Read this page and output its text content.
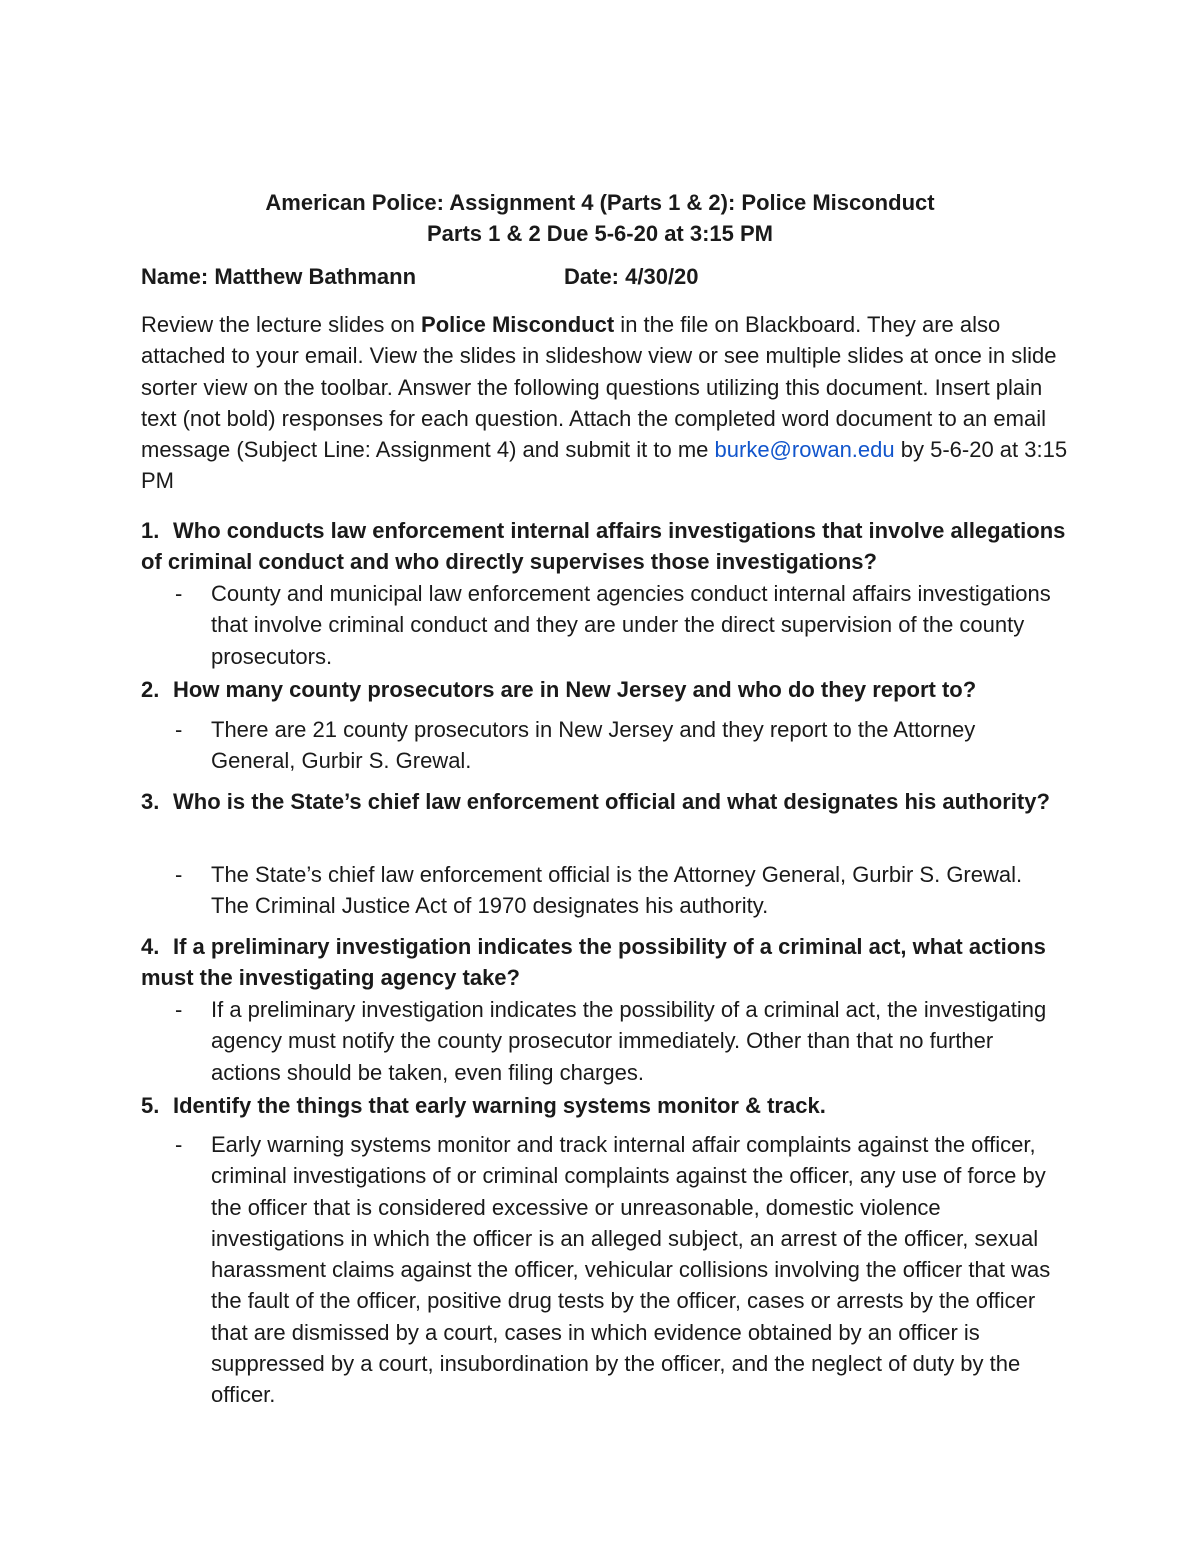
American Police: Assignment 4 (Parts 1 & 2): Police Misconduct
Parts 1 & 2 Due 5-6-20 at 3:15 PM
Name: Matthew Bathmann	Date: 4/30/20
Review the lecture slides on Police Misconduct in the file on Blackboard. They are also attached to your email. View the slides in slideshow view or see multiple slides at once in slide sorter view on the toolbar. Answer the following questions utilizing this document. Insert plain text (not bold) responses for each question. Attach the completed word document to an email message (Subject Line: Assignment 4) and submit it to me burke@rowan.edu by 5-6-20 at 3:15 PM
1. Who conducts law enforcement internal affairs investigations that involve allegations of criminal conduct and who directly supervises those investigations?
- County and municipal law enforcement agencies conduct internal affairs investigations that involve criminal conduct and they are under the direct supervision of the county prosecutors.
2. How many county prosecutors are in New Jersey and who do they report to?
- There are 21 county prosecutors in New Jersey and they report to the Attorney General, Gurbir S. Grewal.
3. Who is the State’s chief law enforcement official and what designates his authority?
- The State’s chief law enforcement official is the Attorney General, Gurbir S. Grewal. The Criminal Justice Act of 1970 designates his authority.
4. If a preliminary investigation indicates the possibility of a criminal act, what actions must the investigating agency take?
- If a preliminary investigation indicates the possibility of a criminal act, the investigating agency must notify the county prosecutor immediately. Other than that no further actions should be taken, even filing charges.
5. Identify the things that early warning systems monitor & track.
- Early warning systems monitor and track internal affair complaints against the officer, criminal investigations of or criminal complaints against the officer, any use of force by the officer that is considered excessive or unreasonable, domestic violence investigations in which the officer is an alleged subject, an arrest of the officer, sexual harassment claims against the officer, vehicular collisions involving the officer that was the fault of the officer, positive drug tests by the officer, cases or arrests by the officer that are dismissed by a court, cases in which evidence obtained by an officer is suppressed by a court, insubordination by the officer, and the neglect of duty by the officer.
